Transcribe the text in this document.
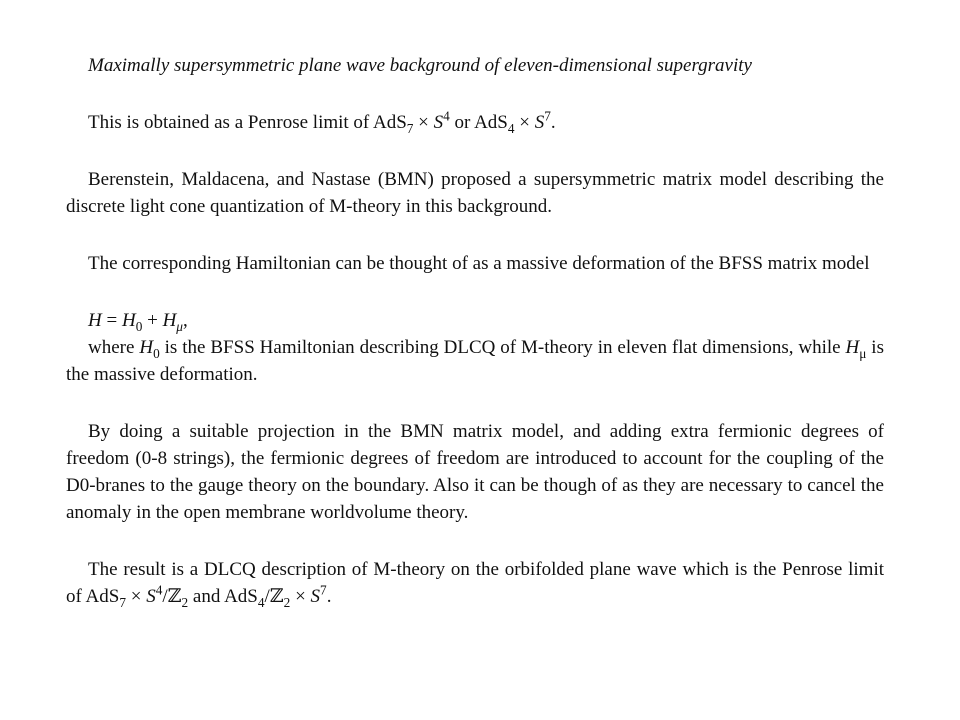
Maximally supersymmetric plane wave background of eleven-dimensional supergravity

This is obtained as a Penrose limit of $AdS_7 \times S^4$ or $AdS_4 \times S^7$.

Berenstein, Maldacena, and Nastase (BMN) proposed a supersymmetric matrix model describing the discrete light cone quantization of M-theory in this background.

The corresponding Hamiltonian can be thought of as a massive deformation of the BFSS matrix model

$H = H_0 + H_\mu$,

where $H_0$ is the BFSS Hamiltonian describing DLCQ of M-theory in eleven flat dimensions, while $H_\mu$ is the massive deformation.

By doing a suitable projection in the BMN matrix model, and adding extra fermionic degrees of freedom (0-8 strings), the fermionic degrees of freedom are introduced to account for the coupling of the D0-branes to the gauge theory on the boundary. Also it can be though of as they are necessary to cancel the anomaly in the open membrane worldvolume theory.

The result is a DLCQ description of M-theory on the orbifolded plane wave which is the Penrose limit of $AdS_7 \times S^4/ℤ_2$ and AdS$_4$/ℤ$_2$ × $S^7$.
